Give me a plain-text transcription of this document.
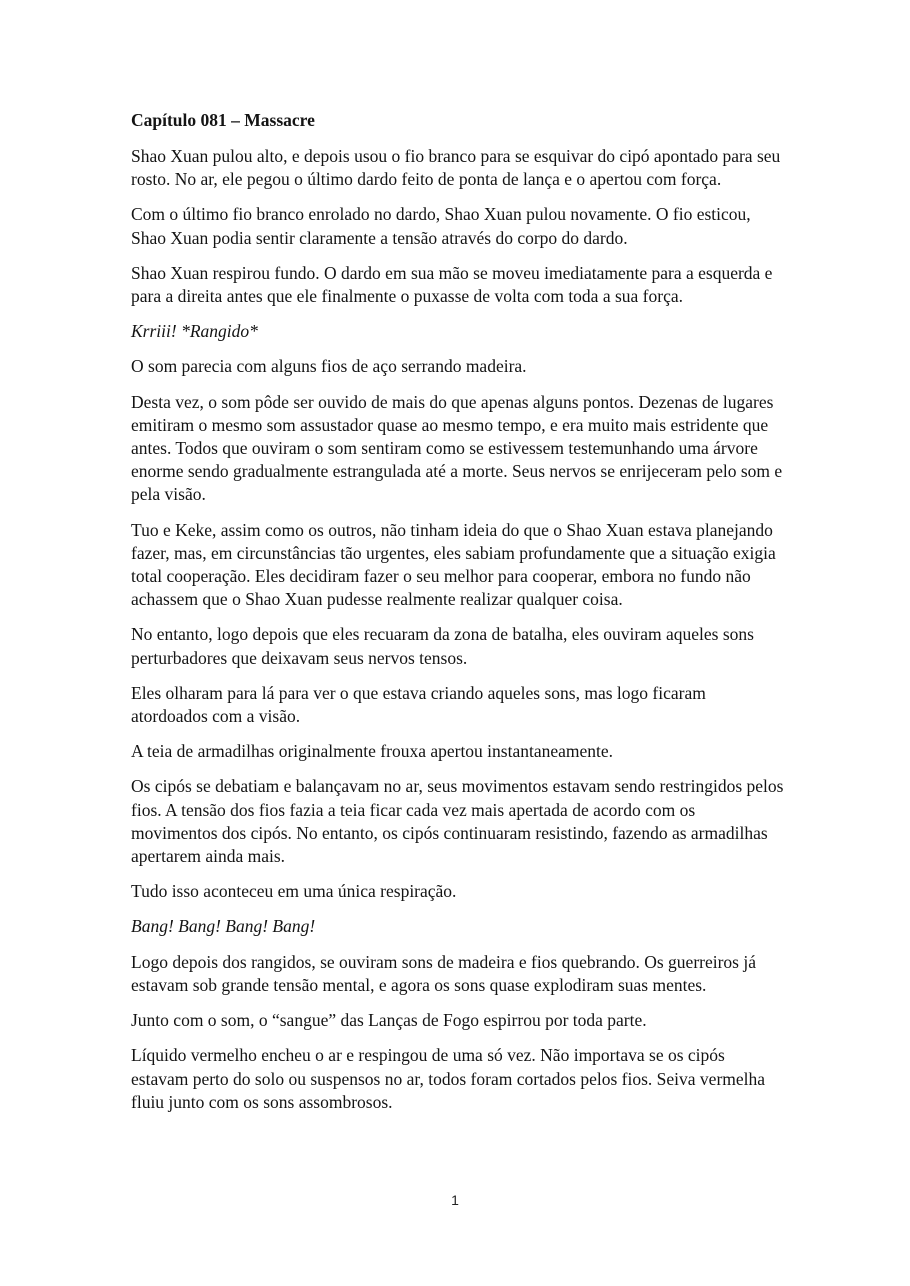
Capítulo 081 – Massacre

Shao Xuan pulou alto, e depois usou o fio branco para se esquivar do cipó apontado para seu rosto. No ar, ele pegou o último dardo feito de ponta de lança e o apertou com força.

Com o último fio branco enrolado no dardo, Shao Xuan pulou novamente. O fio esticou, Shao Xuan podia sentir claramente a tensão através do corpo do dardo.

Shao Xuan respirou fundo. O dardo em sua mão se moveu imediatamente para a esquerda e para a direita antes que ele finalmente o puxasse de volta com toda a sua força.

Krriii! *Rangido*

O som parecia com alguns fios de aço serrando madeira.

Desta vez, o som pôde ser ouvido de mais do que apenas alguns pontos. Dezenas de lugares emitiram o mesmo som assustador quase ao mesmo tempo, e era muito mais estridente que antes. Todos que ouviram o som sentiram como se estivessem testemunhando uma árvore enorme sendo gradualmente estrangulada até a morte. Seus nervos se enrijeceram pelo som e pela visão.

Tuo e Keke, assim como os outros, não tinham ideia do que o Shao Xuan estava planejando fazer, mas, em circunstâncias tão urgentes, eles sabiam profundamente que a situação exigia total cooperação. Eles decidiram fazer o seu melhor para cooperar, embora no fundo não achassem que o Shao Xuan pudesse realmente realizar qualquer coisa.

No entanto, logo depois que eles recuaram da zona de batalha, eles ouviram aqueles sons perturbadores que deixavam seus nervos tensos.

Eles olharam para lá para ver o que estava criando aqueles sons, mas logo ficaram atordoados com a visão.

A teia de armadilhas originalmente frouxa apertou instantaneamente.

Os cipós se debatiam e balançavam no ar, seus movimentos estavam sendo restringidos pelos fios. A tensão dos fios fazia a teia ficar cada vez mais apertada de acordo com os movimentos dos cipós. No entanto, os cipós continuaram resistindo, fazendo as armadilhas apertarem ainda mais.

Tudo isso aconteceu em uma única respiração.

Bang! Bang! Bang! Bang!

Logo depois dos rangidos, se ouviram sons de madeira e fios quebrando. Os guerreiros já estavam sob grande tensão mental, e agora os sons quase explodiram suas mentes.

Junto com o som, o “sangue” das Lanças de Fogo espirrou por toda parte.

Líquido vermelho encheu o ar e respingou de uma só vez. Não importava se os cipós estavam perto do solo ou suspensos no ar, todos foram cortados pelos fios. Seiva vermelha fluiu junto com os sons assombrosos.

1
